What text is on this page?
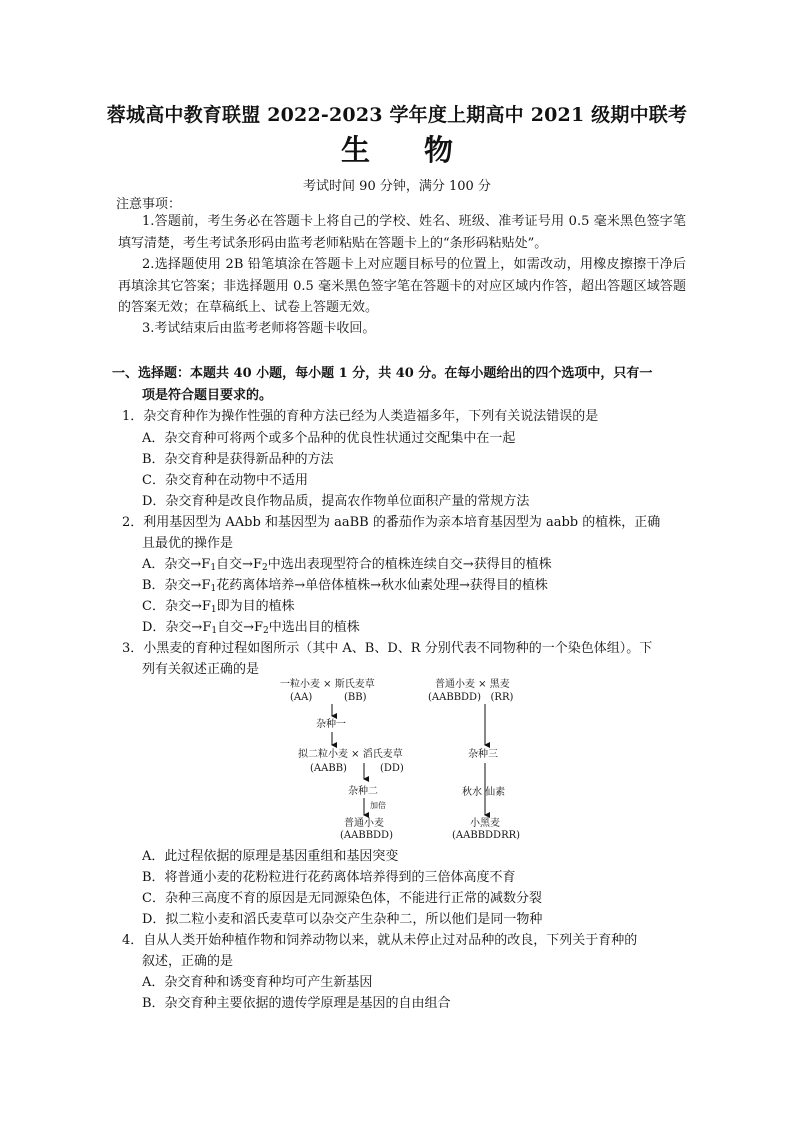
蓉城高中教育联盟 2022-2023 学年度上期高中 2021 级期中联考
生 物
考试时间 90 分钟，满分 100 分
注意事项：
1.答题前，考生务必在答题卡上将自己的学校、姓名、班级、准考证号用 0.5 毫米黑色签字笔填写清楚，考生考试条形码由监考老师粘贴在答题卡上的“条形码粘贴处”。
2.选择题使用 2B 铅笔填涂在答题卡上对应题目标号的位置上，如需改动，用橡皮擦擦干净后再填涂其它答案；非选择题用 0.5 毫米黑色签字笔在答题卡的对应区域内作答，超出答题区域答题的答案无效；在草稿纸上、试卷上答题无效。
3.考试结束后由监考老师将答题卡收回。
一、选择题：本题共 40 小题，每小题 1 分，共 40 分。在每小题给出的四个选项中，只有一
项是符合题目要求的。
1．杂交育种作为操作性强的育种方法已经为人类造福多年，下列有关说法错误的是
A．杂交育种可将两个或多个品种的优良性状通过交配集中在一起
B．杂交育种是获得新品种的方法
C．杂交育种在动物中不适用
D．杂交育种是改良作物品质，提高农作物单位面积产量的常规方法
2．利用基因型为 AAbb 和基因型为 aaBB 的番茄作为亲本培育基因型为 aabb 的植株，正确
且最优的操作是
A．杂交$\to F_1$自交$\to F_2$中选出表现型符合的植株连续自交→获得目的植株
B．杂交$\to F_1$花药离体培养→单倍体植株→秋水仙素处理→获得目的植株
C．杂交$\to F_1$即为目的植株
D．杂交$\to F_1$自交$\to F_2$中选出目的植株
3．小黑麦的育种过程如图所示（其中 A、B、D、R 分别代表不同物种的一个染色体组）。下
列有关叙述正确的是
一粒小麦 × 斯氏麦草
(AA)          (BB)
杂种一
拟二粒小麦 × 滔氏麦草
(AABB)	(DD)
杂种二
加倍
普通小麦
(AABBDD)
普通小麦 × 黑麦
(AABBDD)   (RR)
杂种三
秋水 仙素
小黑麦
(AABBDDRR)
A．此过程依据的原理是基因重组和基因突变
B．将普通小麦的花粉粒进行花药离体培养得到的三倍体高度不育
C．杂种三高度不育的原因是无同源染色体，不能进行正常的减数分裂
D．拟二粒小麦和滔氏麦草可以杂交产生杂种二，所以他们是同一物种
4．自从人类开始种植作物和饲养动物以来，就从未停止过对品种的改良，下列关于育种的
叙述，正确的是
A．杂交育种和诱变育种均可产生新基因
B．杂交育种主要依据的遗传学原理是基因的自由组合
